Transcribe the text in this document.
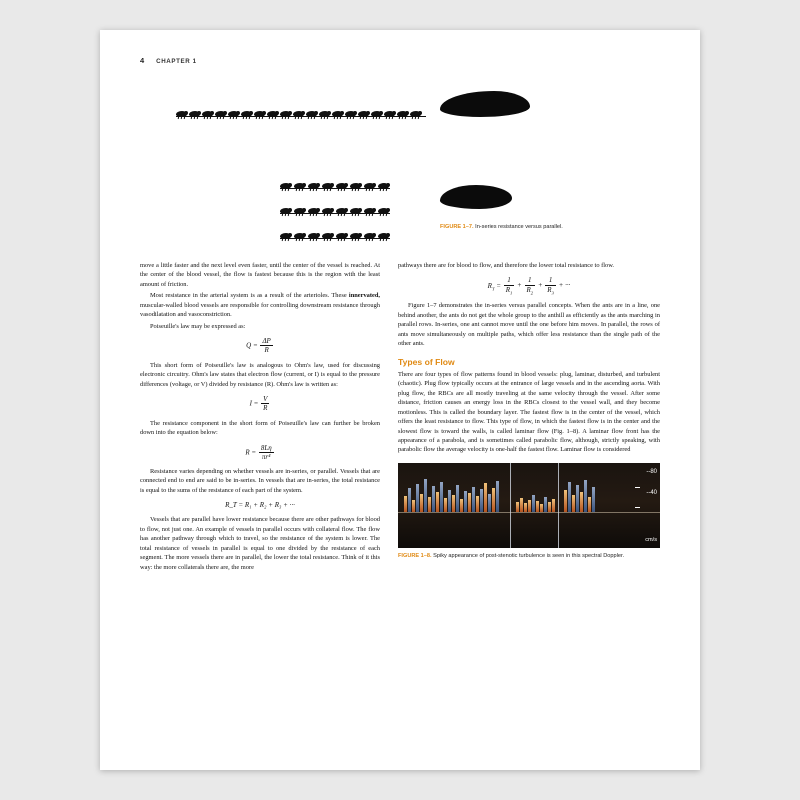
4 CHAPTER 1
FIGURE 1–7. In-series resistance versus parallel.

move a little faster and the next level even faster, until the center of the vessel is reached. At the center of the blood vessel, the flow is fastest because this is the region with the least amount of friction.

Most resistance in the arterial system is as a result of the arterioles. These innervated, muscular-walled blood vessels are responsible for controlling downstream resistance through vasodilatation and vasoconstriction.

Poiseuille's law may be expressed as:

$Q = \frac{\Delta P}{R}$

This short form of Poiseuille's law is analogous to Ohm's law, used for discussing electronic circuitry. Ohm's law states that electron flow (current, or I) is equal to the pressure differences (voltage, or V) divided by resistance (R). Ohm's law is written as:

$I = \frac{V}{R}$

The resistance component in the short form of Poiseuille's law can further be broken down into the equation below:

$R = \frac{8L\eta}{\text{πr⁴}}$

Resistance varies depending on whether vessels are in-series, or parallel. Vessels that are connected end to end are said to be in-series. In vessels that are in-series, the total resistance is equal to the sums of the resistance of each part of the system.

R_T = R₁ + R₂ + R₃ + ···

Vessels that are parallel have lower resistance because there are other pathways for blood to flow, not just one. An example of vessels in parallel occurs with collateral flow. The flow has another pathway through which to travel, so the resistance of the system is lower. The total resistance of vessels in parallel is equal to one divided by the resistance of each segment. The more vessels there are in parallel, the lower the total resistance. Think of it this way: the more collaterals there are, the more

pathways there are for blood to flow, and therefore the lower total resistance to flow.

$R_T = \frac{1}{R_1} + \frac{1}{R_2} + \frac{1}{R_3}$ + ···

Figure 1–7 demonstrates the in-series versus parallel concepts. When the ants are in a line, one behind another, the ants do not get the whole group to the anthill as efficiently as the ants marching in parallel rows. In-series, one ant cannot move until the one before him moves. In parallel, the rows of ants move simultaneously on multiple paths, which offer less resistance than the single path of the other ants.

Types of Flow

There are four types of flow patterns found in blood vessels: plug, laminar, disturbed, and turbulent (chaotic). Plug flow typically occurs at the entrance of large vessels and in the ascending aorta. With plug flow, the RBCs are all mostly traveling at the same velocity through the vessel. After some distance, friction causes an energy loss in the RBCs closest to the vessel wall, and they become motionless. This is called the boundary layer. The fastest flow is in the center of the vessel, which offers the least resistance to flow. This type of flow, in which the fastest flow is in the center and the slowest flow is toward the walls, is called laminar flow (Fig. 1–8). A laminar flow front has the appearance of a parabola, and is sometimes called parabolic flow, although, strictly speaking, with parabolic flow the average velocity is one-half the fastest flow. Laminar flow is considered

--80
--40
cm/s
FIGURE 1–8. Spiky appearance of post-stenotic turbulence is seen in this spectral Doppler.
